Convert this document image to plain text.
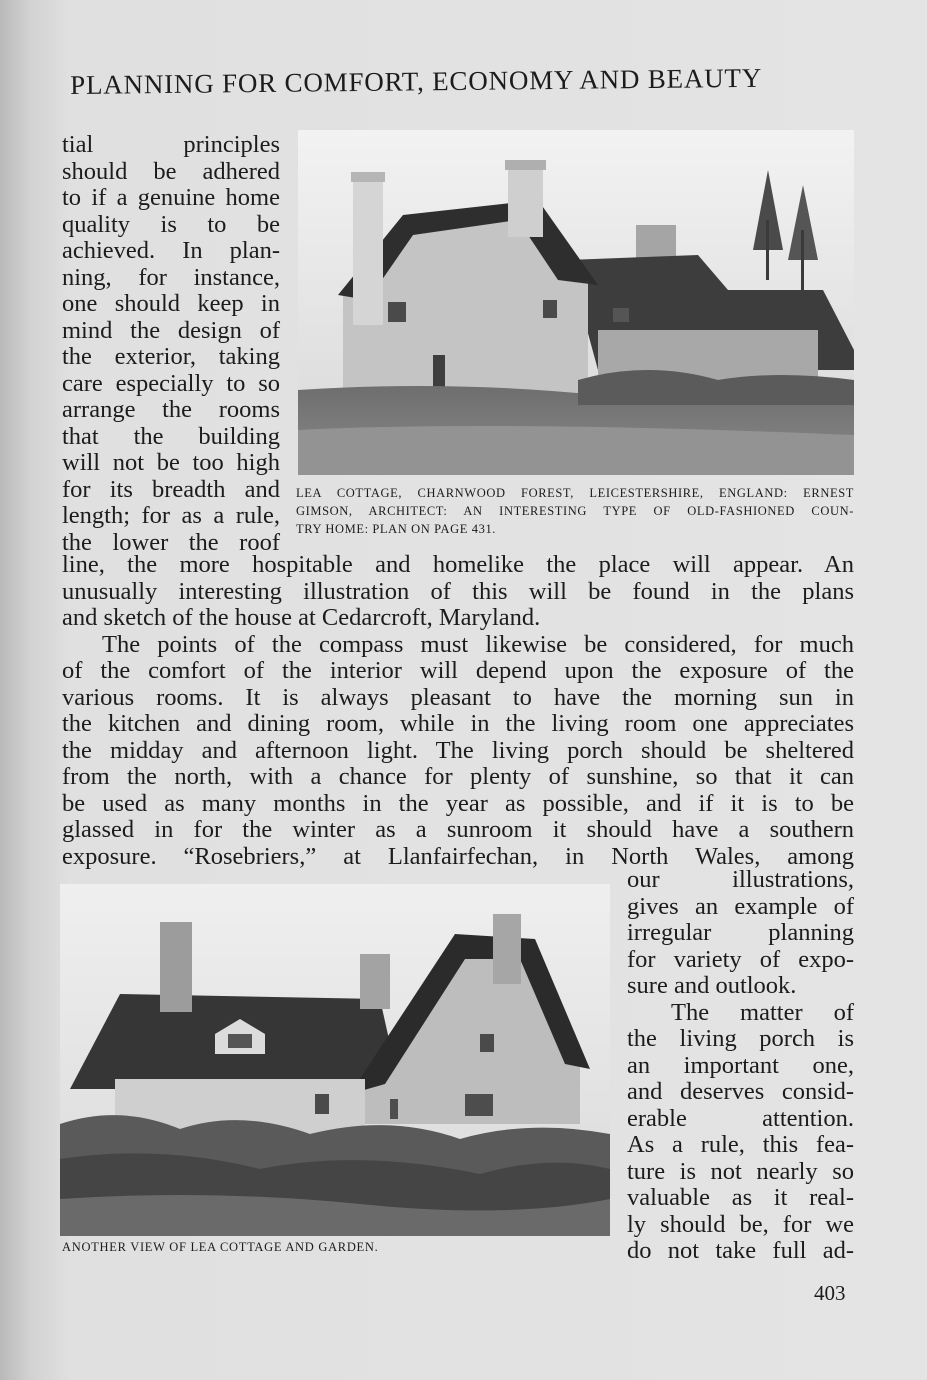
PLANNING FOR COMFORT, ECONOMY AND BEAUTY
tial principles
should be adhered
to if a genuine home
quality is to be
achieved. In plan-
ning, for instance,
one should keep in
mind the design of
the exterior, taking
care especially to so
arrange the rooms
that the building
will not be too high
for its breadth and
length; for as a rule,
the lower the roof
LEA COTTAGE, CHARNWOOD FOREST, LEICESTERSHIRE, ENGLAND: ERNEST
GIMSON, ARCHITECT: AN INTERESTING TYPE OF OLD-FASHIONED COUN-
TRY HOME: PLAN ON PAGE 431.
line, the more hospitable and homelike the place will appear. An
unusually interesting illustration of this will be found in the plans
and sketch of the house at Cedarcroft, Maryland.
The points of the compass must likewise be considered, for much
of the comfort of the interior will depend upon the exposure of the
various rooms. It is always pleasant to have the morning sun in
the kitchen and dining room, while in the living room one appreciates
the midday and afternoon light. The living porch should be sheltered
from the north, with a chance for plenty of sunshine, so that it can
be used as many months in the year as possible, and if it is to be
glassed in for the winter as a sunroom it should have a southern
exposure. “Rosebriers,” at Llanfairfechan, in North Wales, among
ANOTHER VIEW OF LEA COTTAGE AND GARDEN.
our illustrations,
gives an example of
irregular planning
for variety of expo-
sure and outlook.
The matter of
the living porch is
an important one,
and deserves consid-
erable attention.
As a rule, this fea-
ture is not nearly so
valuable as it real-
ly should be, for we
do not take full ad-
403
